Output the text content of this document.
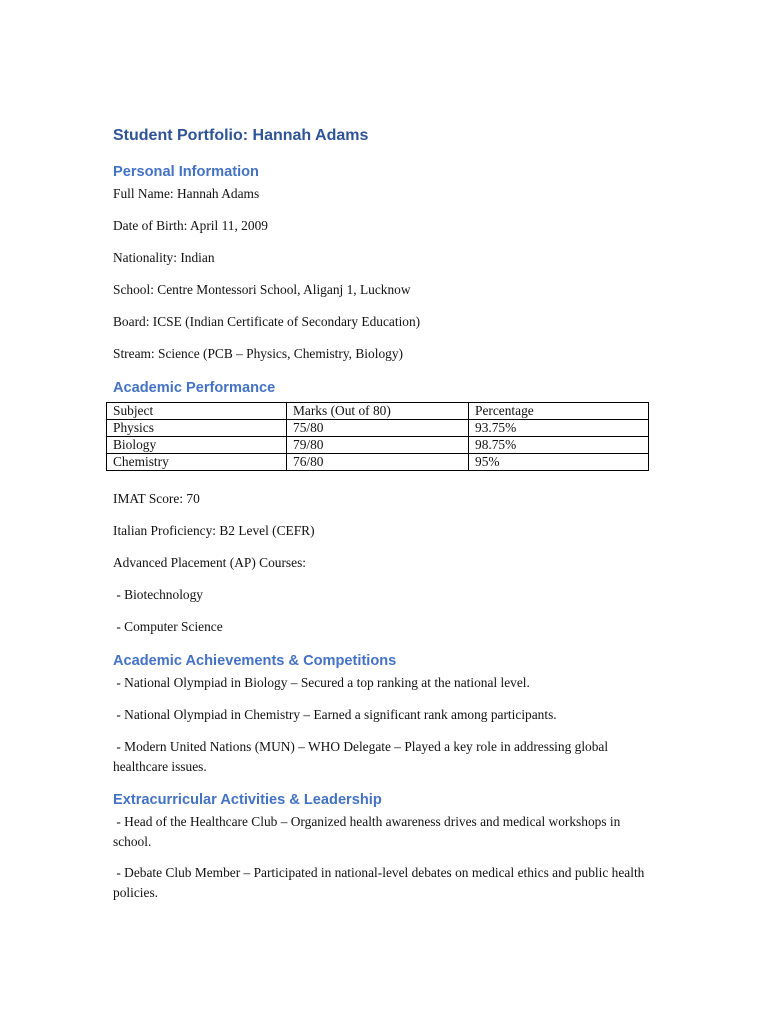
Student Portfolio: Hannah Adams
Personal Information

Full Name: Hannah Adams

Date of Birth: April 11, 2009

Nationality: Indian

School: Centre Montessori School, Aliganj 1, Lucknow

Board: ICSE (Indian Certificate of Secondary Education)

Stream: Science (PCB – Physics, Chemistry, Biology)

Academic Performance
Subject	Marks (Out of 80)	Percentage
Physics	75/80	93.75%
Biology	79/80	98.75%
Chemistry	76/80	95%

IMAT Score: 70

Italian Proficiency: B2 Level (CEFR)

Advanced Placement (AP) Courses:

- Biotechnology

- Computer Science

Academic Achievements & Competitions

- National Olympiad in Biology – Secured a top ranking at the national level.

- National Olympiad in Chemistry – Earned a significant rank among participants.

- Modern United Nations (MUN) – WHO Delegate – Played a key role in addressing global healthcare issues.

Extracurricular Activities & Leadership

- Head of the Healthcare Club – Organized health awareness drives and medical workshops in school.

- Debate Club Member – Participated in national-level debates on medical ethics and public health policies.
